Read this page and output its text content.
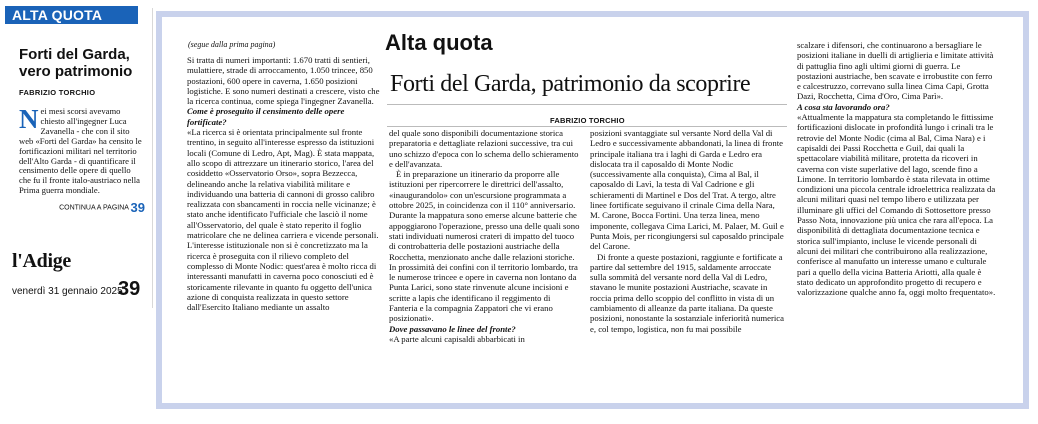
ALTA QUOTA
Forti del Garda, vero patrimonio
FABRIZIO TORCHIO
Nei mesi scorsi avevamo chiesto all'ingegner Luca Zavanella - che con il sito web «Forti del Garda» ha censito le fortificazioni militari nel territorio dell'Alto Garda - di quantificare il censimento delle opere di quello che fu il fronte italo-austriaco nella Prima guerra mondiale.
CONTINUA A PAGINA 39
l'Adige
venerdì 31 gennaio 2025
39
Alta quota
(segue dalla prima pagina)
Forti del Garda, patrimonio da scoprire
FABRIZIO TORCHIO

Si tratta di numeri importanti: 1.670 tratti di sentieri, mulattiere, strade di arroccamento, 1.050 trincee, 850 postazioni, 600 opere in caverna, 1.650 posizioni logistiche. E sono numeri destinati a crescere, visto che la ricerca continua, come spiega l'ingegner Zavanella.

Come è proseguito il censimento delle opere fortificate?

«La ricerca si è orientata principalmente sul fronte trentino, in seguito all'interesse espresso da istituzioni locali (Comune di Ledro, Apt, Mag). È stata mappata, allo scopo di attrezzare un itinerario storico, l'area del cosiddetto «Osservatorio Orso», sopra Bezzecca, delineando anche la relativa viabilità militare e individuando una batteria di cannoni di grosso calibro realizzata con sbancamenti in roccia nelle vicinanze; è stato anche identificato l'ufficiale che lasciò il nome all'Osservatorio, del quale è stato reperito il foglio matricolare che ne delinea carriera e vicende personali. L'interesse istituzionale non si è concretizzato ma la ricerca è proseguita con il rilievo completo del complesso di Monte Nodic: quest'area è molto ricca di interessanti manufatti in caverna poco conosciuti ed è storicamente rilevante in quanto fu oggetto dell'unica azione di conquista realizzata in questo settore dall'Esercito Italiano mediante un assalto

del quale sono disponibili documentazione storica preparatoria e dettagliate relazioni successive, tra cui uno schizzo d'epoca con lo schema dello schieramento e dell'avanzata.

È in preparazione un itinerario da proporre alle istituzioni per ripercorrere le direttrici dell'assalto, «inaugurandolo» con un'escursione programmata a ottobre 2025, in coincidenza con il 110° anniversario. Durante la mappatura sono emerse alcune batterie che appoggiarono l'operazione, presso una delle quali sono stati individuati numerosi crateri di impatto del tuoco di controbatteria delle postazioni austriache della Rocchetta, menzionato anche dalle relazioni storiche. In prossimità dei confini con il territorio lombardo, tra le numerose trincee e opere in caverna non lontano da Punta Larici, sono state rinvenute alcune incisioni e scritte a lapis che identificano il reggimento di Fanteria e la compagnia Zappatori che vi erano posizionati».

Dove passavano le linee del fronte?

«A parte alcuni capisaldi abbarbicati in

posizioni svantaggiate sul versante Nord della Val di Ledro e successivamente abbandonati, la linea di fronte principale italiana tra i laghi di Garda e Ledro era dislocata tra il caposaldo di Monte Nodic (successivamente alla conquista), Cima al Bal, il caposaldo di Lavì, la testa di Val Cadrione e gli schieramenti di Martinel e Dos del Trat. A tergo, altre linee fortificate seguivano il crinale Cima della Nara, M. Carone, Bocca Fortini. Una terza linea, meno imponente, collegava Cima Larici, M. Palaer, M. Guil e Punta Mois, per ricongiungersi sul caposaldo principale del Carone.

Di fronte a queste postazioni, raggiunte e fortificate a partire dal settembre del 1915, saldamente arroccate sulla sommità del versante nord della Val di Ledro, stavano le munite postazioni Austriache, scavate in roccia prima dello scoppio del conflitto in vista di un cambiamento di alleanze da parte italiana. Da queste posizioni, nonostante la sostanziale inferiorità numerica e, col tempo, logistica, non fu mai possibile

scalzare i difensori, che continuarono a bersagliare le posizioni italiane in duelli di artiglieria e limitate attività di pattuglia fino agli ultimi giorni di guerra. Le postazioni austriache, ben scavate e irrobustite con ferro e calcestruzzo, correvano sulla linea Cima Capi, Grotta Dazi, Rocchetta, Cima d'Oro, Cima Parì».

A cosa sta lavorando ora?

«Attualmente la mappatura sta completando le fittissime fortificazioni dislocate in profondità lungo i crinali tra le retrovie del Monte Nodic (cima al Bal, Cima Nara) e i capisaldi dei Passi Rocchetta e Guil, dai quali la spettacolare viabilità militare, protetta da ricoveri in caverna con viste superlative del lago, scende fino a Limone. In territorio lombardo è stata rilevata in ottime condizioni una piccola centrale idroelettrica realizzata da alcuni militari quasi nel tempo libero e utilizzata per illuminare gli uffici del Comando di Sottosettore presso Passo Nota, innovazione più unica che rara all'epoca. La disponibilità di dettagliata documentazione tecnica e storica sull'impianto, incluse le vicende personali di alcuni dei militari che contribuirono alla realizzazione, conferisce al manufatto un interesse umano e culturale pari a quello della vicina Batteria Ariotti, alla quale è stato dedicato un approfondito progetto di recupero e valorizzazione qualche anno fa, oggi molto frequentato».
